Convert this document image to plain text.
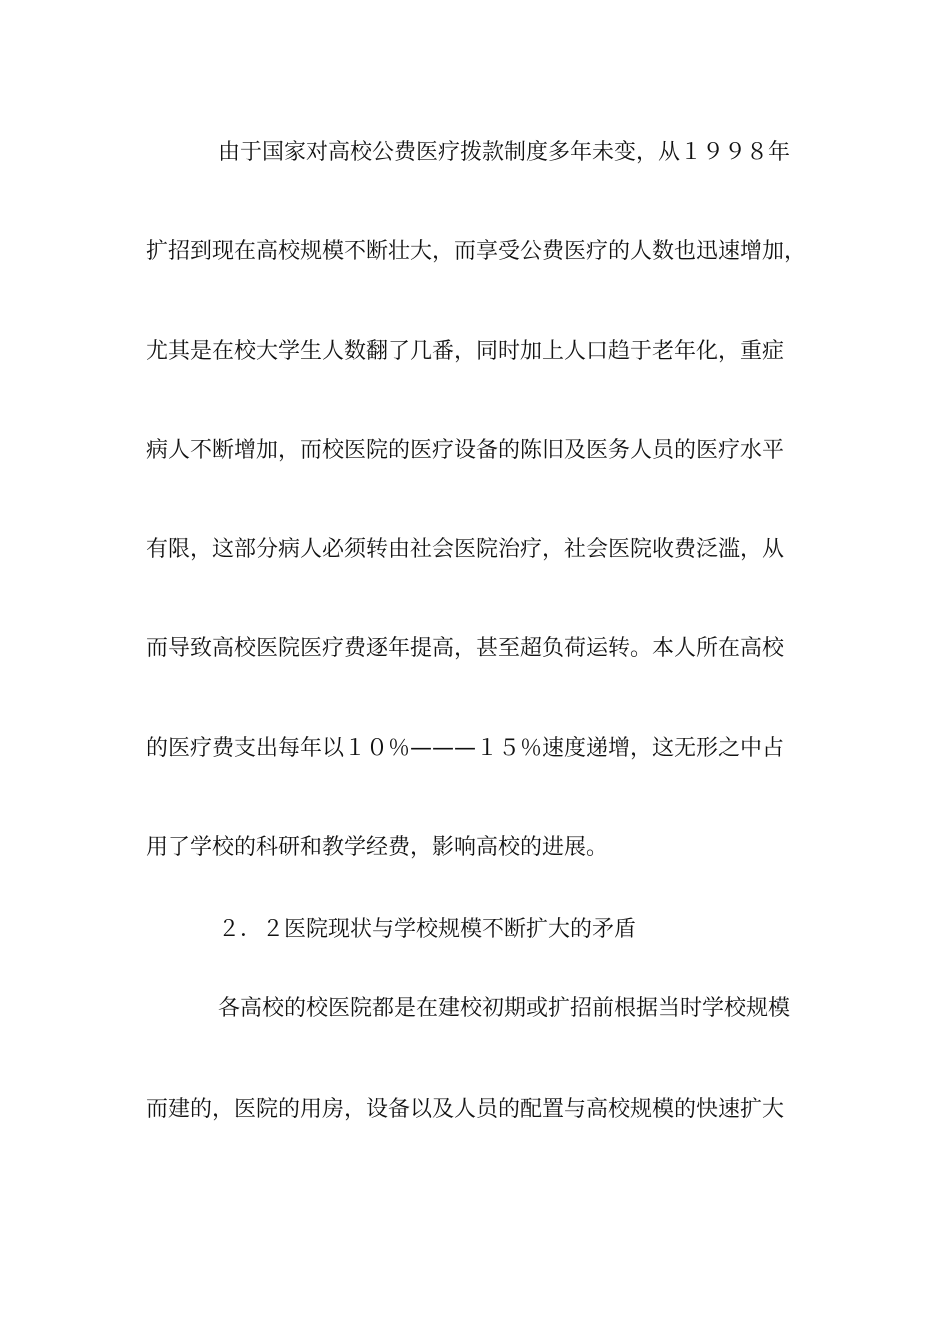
由于国家对高校公费医疗拨款制度多年未变，从１９９８年
扩招到现在高校规模不断壮大，而享受公费医疗的人数也迅速增加，
尤其是在校大学生人数翻了几番，同时加上人口趋于老年化，重症
病人不断增加，而校医院的医疗设备的陈旧及医务人员的医疗水平
有限，这部分病人必须转由社会医院治疗，社会医院收费泛滥，从
而导致高校医院医疗费逐年提高，甚至超负荷运转。本人所在高校
的医疗费支出每年以１０％———１５％速度递增，这无形之中占
用了学校的科研和教学经费，影响高校的进展。
２．２医院现状与学校规模不断扩大的矛盾
各高校的校医院都是在建校初期或扩招前根据当时学校规模
而建的，医院的用房，设备以及人员的配置与高校规模的快速扩大
